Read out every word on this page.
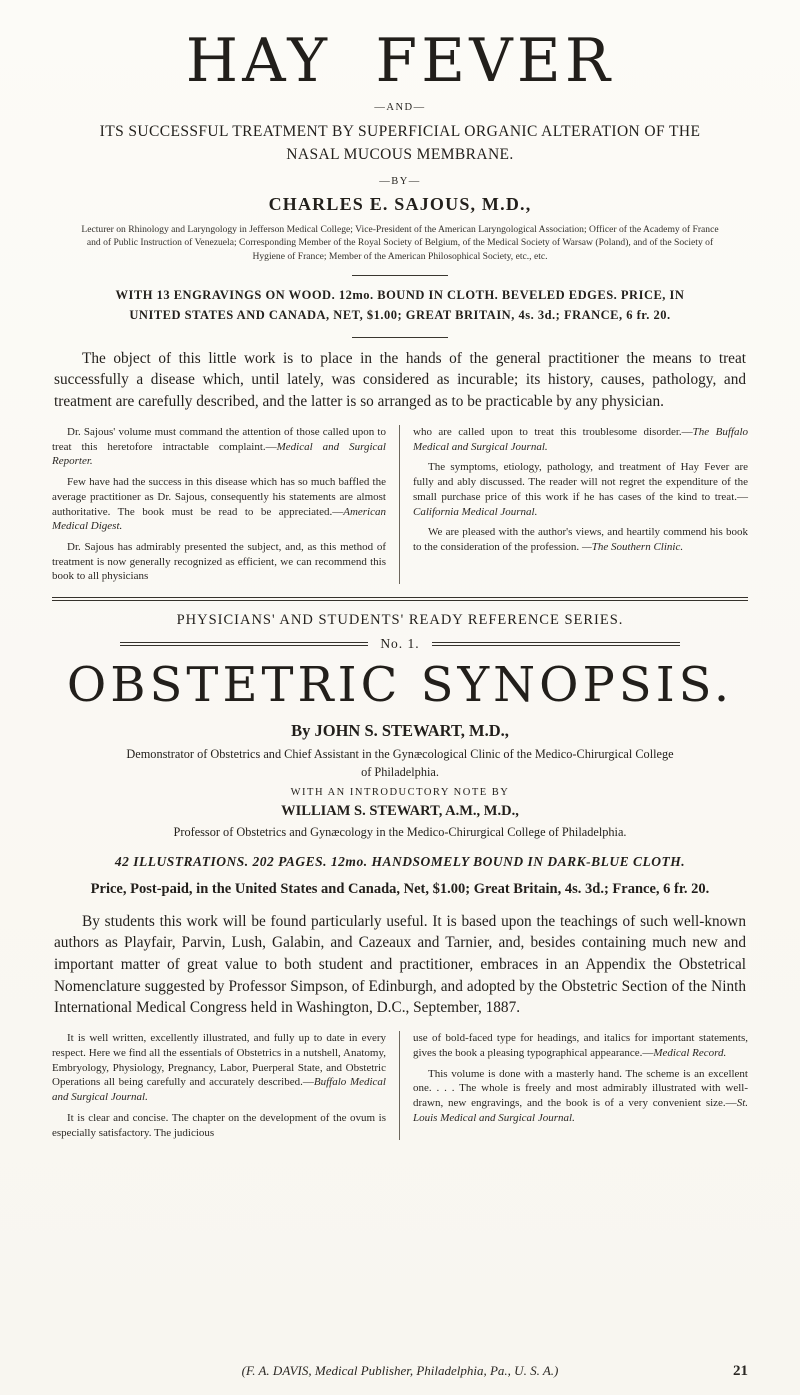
HAY FEVER
—AND—
ITS SUCCESSFUL TREATMENT BY SUPERFICIAL ORGANIC ALTERATION OF THE NASAL MUCOUS MEMBRANE.
—BY—
CHARLES E. SAJOUS, M.D.,

Lecturer on Rhinology and Laryngology in Jefferson Medical College; Vice-President of the American Laryngological Association; Officer of the Academy of France and of Public Instruction of Venezuela; Corresponding Member of the Royal Society of Belgium, of the Medical Society of Warsaw (Poland), and of the Society of Hygiene of France; Member of the American Philosophical Society, etc., etc.

WITH 13 ENGRAVINGS ON WOOD. 12mo. BOUND IN CLOTH. BEVELED EDGES. PRICE, IN UNITED STATES AND CANADA, NET, $1.00; GREAT BRITAIN, 4s. 3d.; FRANCE, 6 fr. 20.

The object of this little work is to place in the hands of the general practitioner the means to treat successfully a disease which, until lately, was considered as incurable; its history, causes, pathology, and treatment are carefully described, and the latter is so arranged as to be practicable by any physician.

Dr. Sajous' volume must command the attention of those called upon to treat this heretofore intractable complaint.—Medical and Surgical Reporter.

Few have had the success in this disease which has so much baffled the average practitioner as Dr. Sajous, consequently his statements are almost authoritative. The book must be read to be appreciated.—American Medical Digest.

Dr. Sajous has admirably presented the subject, and, as this method of treatment is now generally recognized as efficient, we can recommend this book to all physicians

who are called upon to treat this troublesome disorder.—The Buffalo Medical and Surgical Journal.

The symptoms, etiology, pathology, and treatment of Hay Fever are fully and ably discussed. The reader will not regret the expenditure of the small purchase price of this work if he has cases of the kind to treat.—California Medical Journal.

We are pleased with the author's views, and heartily commend his book to the consideration of the profession. —The Southern Clinic.

PHYSICIANS' AND STUDENTS' READY REFERENCE SERIES.
No. 1.
OBSTETRIC SYNOPSIS.
By JOHN S. STEWART, M.D.,

Demonstrator of Obstetrics and Chief Assistant in the Gynæcological Clinic of the Medico-Chirurgical College of Philadelphia.

WITH AN INTRODUCTORY NOTE BY
WILLIAM S. STEWART, A.M., M.D.,

Professor of Obstetrics and Gynæcology in the Medico-Chirurgical College of Philadelphia.

42 ILLUSTRATIONS. 202 PAGES. 12mo. HANDSOMELY BOUND IN DARK-BLUE CLOTH.
Price, Post-paid, in the United States and Canada, Net, $1.00; Great Britain, 4s. 3d.; France, 6 fr. 20.

By students this work will be found particularly useful. It is based upon the teachings of such well-known authors as Playfair, Parvin, Lush, Galabin, and Cazeaux and Tarnier, and, besides containing much new and important matter of great value to both student and practitioner, embraces in an Appendix the Obstetrical Nomenclature suggested by Professor Simpson, of Edinburgh, and adopted by the Obstetric Section of the Ninth International Medical Congress held in Washington, D.C., September, 1887.

It is well written, excellently illustrated, and fully up to date in every respect. Here we find all the essentials of Obstetrics in a nutshell, Anatomy, Embryology, Physiology, Pregnancy, Labor, Puerperal State, and Obstetric Operations all being carefully and accurately described.—Buffalo Medical and Surgical Journal.

It is clear and concise. The chapter on the development of the ovum is especially satisfactory. The judicious

use of bold-faced type for headings, and italics for important statements, gives the book a pleasing typographical appearance.—Medical Record.

This volume is done with a masterly hand. The scheme is an excellent one. . . . The whole is freely and most admirably illustrated with well-drawn, new engravings, and the book is of a very convenient size.—St. Louis Medical and Surgical Journal.

(F. A. DAVIS, Medical Publisher, Philadelphia, Pa., U. S. A.)	21
